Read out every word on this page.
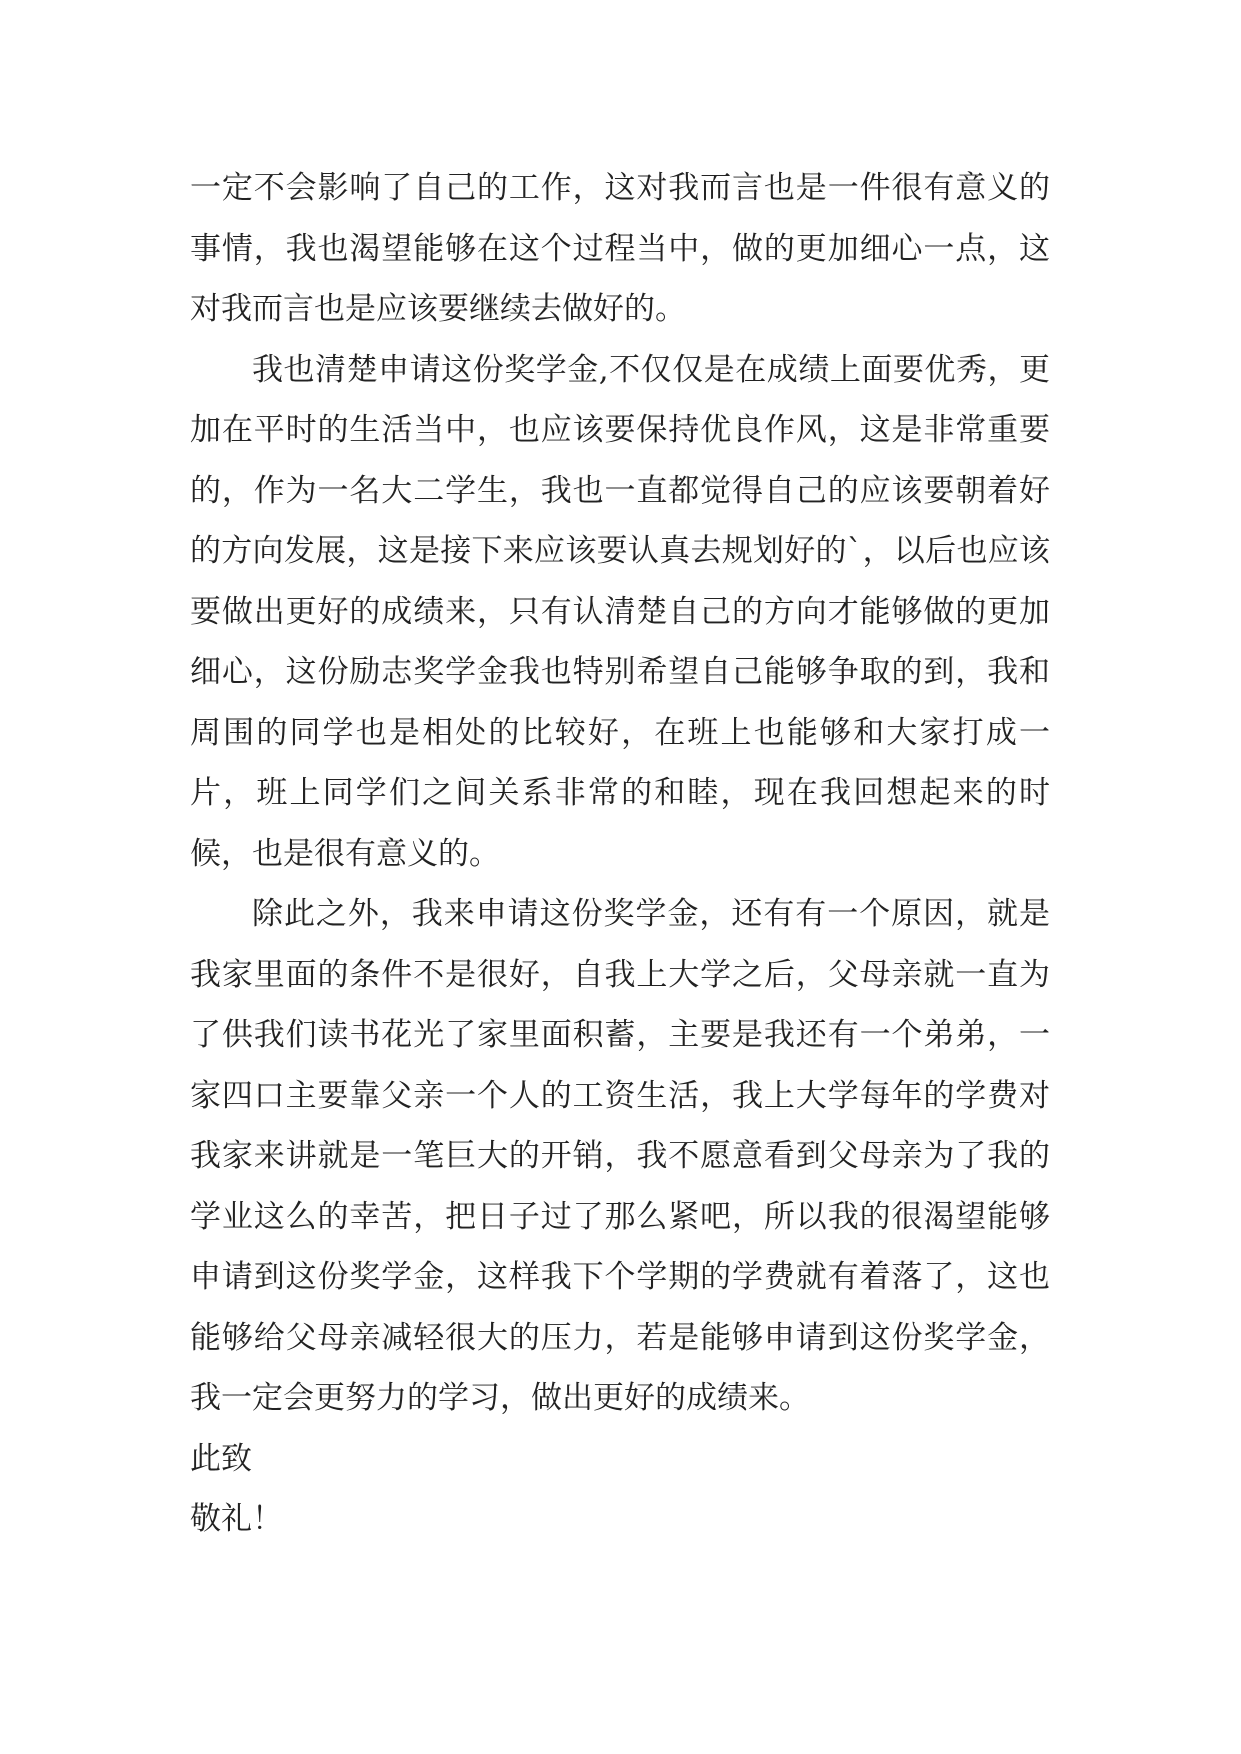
一定不会影响了自己的工作，这对我而言也是一件很有意义的事情，我也渴望能够在这个过程当中，做的更加细心一点，这对我而言也是应该要继续去做好的。

我也清楚申请这份奖学金,不仅仅是在成绩上面要优秀，更加在平时的生活当中，也应该要保持优良作风，这是非常重要的，作为一名大二学生，我也一直都觉得自己的应该要朝着好的方向发展，这是接下来应该要认真去规划好的`，以后也应该要做出更好的成绩来，只有认清楚自己的方向才能够做的更加细心，这份励志奖学金我也特别希望自己能够争取的到，我和周围的同学也是相处的比较好，在班上也能够和大家打成一片，班上同学们之间关系非常的和睦，现在我回想起来的时候，也是很有意义的。

除此之外，我来申请这份奖学金，还有有一个原因，就是我家里面的条件不是很好，自我上大学之后，父母亲就一直为了供我们读书花光了家里面积蓄，主要是我还有一个弟弟，一家四口主要靠父亲一个人的工资生活，我上大学每年的学费对我家来讲就是一笔巨大的开销，我不愿意看到父母亲为了我的学业这么的幸苦，把日子过了那么紧吧，所以我的很渴望能够申请到这份奖学金，这样我下个学期的学费就有着落了，这也能够给父母亲减轻很大的压力，若是能够申请到这份奖学金，我一定会更努力的学习，做出更好的成绩来。

此致

敬礼！
